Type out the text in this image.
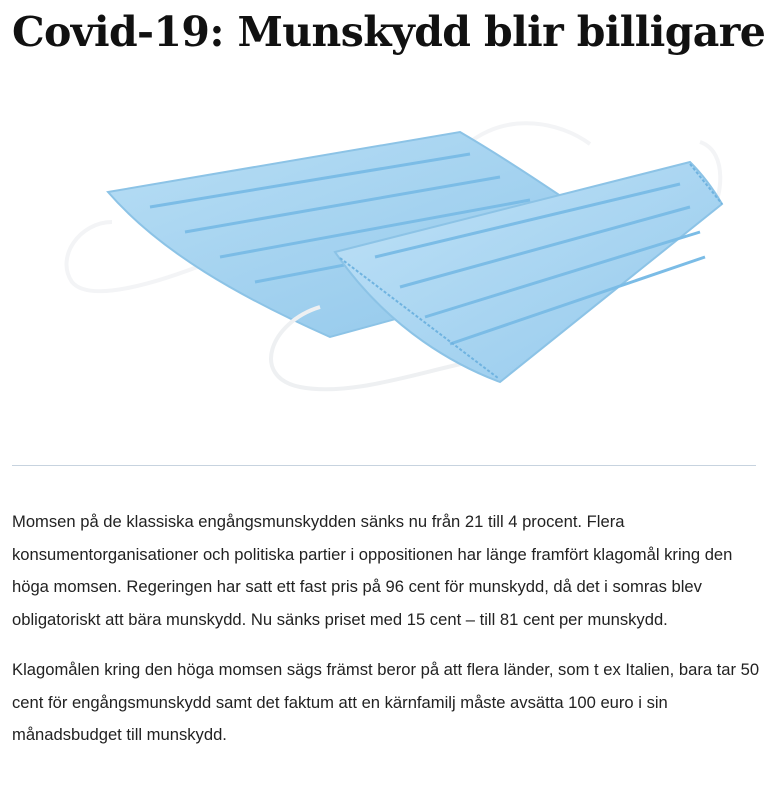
Covid-19: Munskydd blir billigare

Momsen på de klassiska engångsmunskydden sänks nu från 21 till 4 procent. Flera konsumentorganisationer och politiska partier i oppositionen har länge framfört klagomål kring den höga momsen. Regeringen har satt ett fast pris på 96 cent för munskydd, då det i somras blev obligatoriskt att bära munskydd. Nu sänks priset med 15 cent – till 81 cent per munskydd.

Klagomålen kring den höga momsen sägs främst beror på att flera länder, som t ex Italien, bara tar 50 cent för engångsmunskydd samt det faktum att en kärnfamilj måste avsätta 100 euro i sin månadsbudget till munskydd.
